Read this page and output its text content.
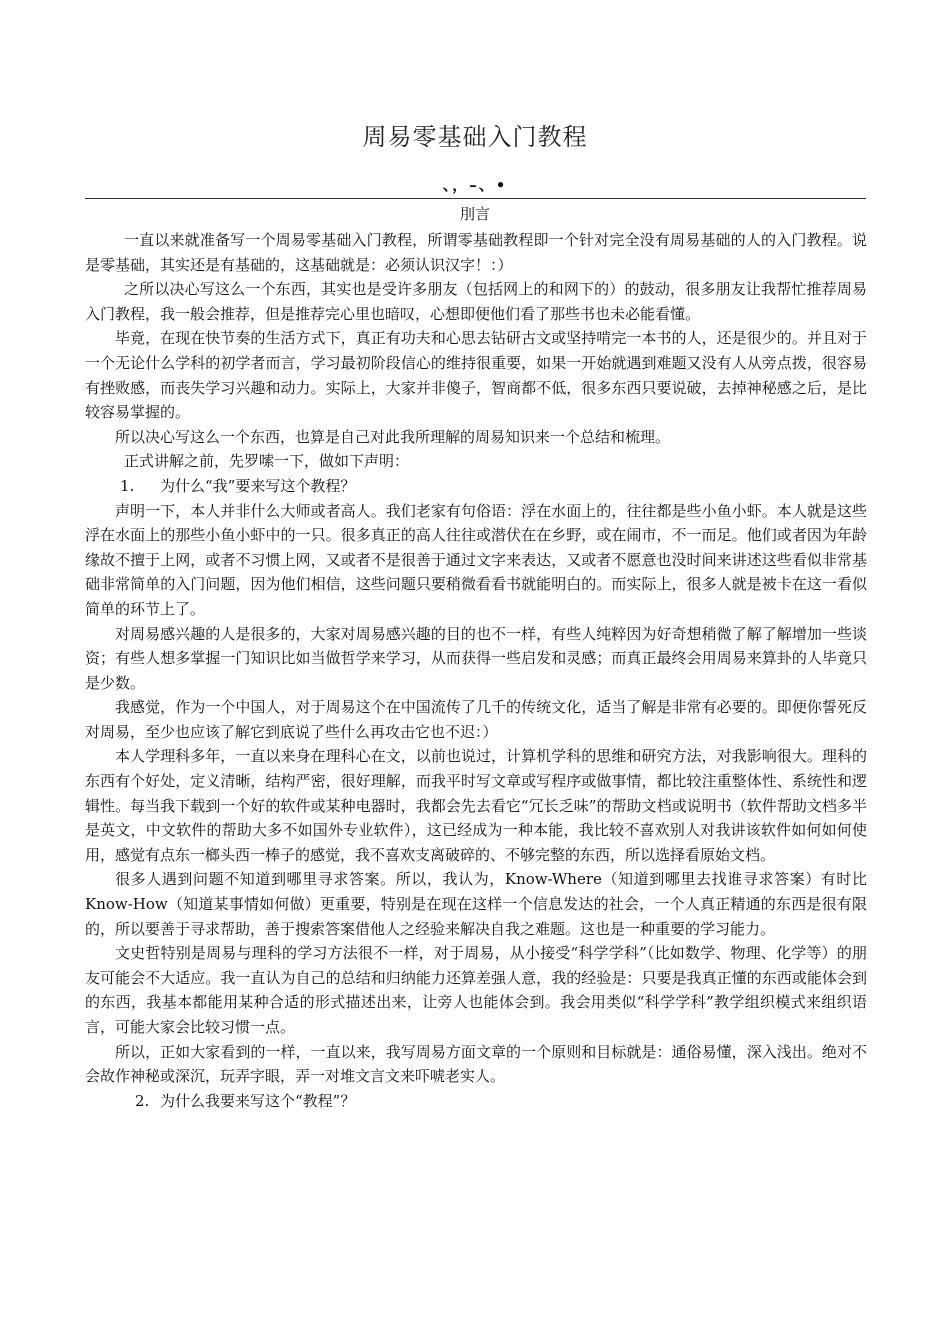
周易零基础入门教程
、，–、•
刖言

一直以来就准备写一个周易零基础入门教程，所谓零基础教程即一个针对完全没有周易基础的人的入门教程。说是零基础，其实还是有基础的，这基础就是：必须认识汉字！：）

之所以决心写这么一个东西，其实也是受许多朋友（包括网上的和网下的）的鼓动，很多朋友让我帮忙推荐周易入门教程，我一般会推荐，但是推荐完心里也暗叹，心想即便他们看了那些书也未必能看懂。

毕竟，在现在快节奏的生活方式下，真正有功夫和心思去钻研古文或坚持啃完一本书的人，还是很少的。并且对于一个无论什么学科的初学者而言，学习最初阶段信心的维持很重要，如果一开始就遇到难题又没有人从旁点拨，很容易有挫败感，而丧失学习兴趣和动力。实际上，大家并非傻子，智商都不低，很多东西只要说破，去掉神秘感之后，是比较容易掌握的。

所以决心写这么一个东西，也算是自己对此我所理解的周易知识来一个总结和梳理。

正式讲解之前，先罗嗦一下，做如下声明：

1.	为什么“我”要来写这个教程？

声明一下，本人并非什么大师或者高人。我们老家有句俗语：浮在水面上的，往往都是些小鱼小虾。本人就是这些浮在水面上的那些小鱼小虾中的一只。很多真正的高人往往或潜伏在在乡野，或在闹市，不一而足。他们或者因为年龄缘故不擅于上网，或者不习惯上网，又或者不是很善于通过文字来表达，又或者不愿意也没时间来讲述这些看似非常基础非常简单的入门问题，因为他们相信，这些问题只要稍微看看书就能明白的。而实际上，很多人就是被卡在这一看似简单的环节上了。

对周易感兴趣的人是很多的，大家对周易感兴趣的目的也不一样，有些人纯粹因为好奇想稍微了解了解增加一些谈资；有些人想多掌握一门知识比如当做哲学来学习，从而获得一些启发和灵感；而真正最终会用周易来算卦的人毕竟只是少数。

我感觉，作为一个中国人，对于周易这个在中国流传了几千的传统文化，适当了解是非常有必要的。即便你誓死反对周易，至少也应该了解它到底说了些什么再攻击它也不迟：）

本人学理科多年，一直以来身在理科心在文，以前也说过，计算机学科的思维和研究方法，对我影响很大。理科的东西有个好处，定义清晰，结构严密，很好理解，而我平时写文章或写程序或做事情，都比较注重整体性、系统性和逻辑性。每当我下载到一个好的软件或某种电器时，我都会先去看它“冗长乏味”的帮助文档或说明书（软件帮助文档多半是英文，中文软件的帮助大多不如国外专业软件），这已经成为一种本能，我比较不喜欢别人对我讲该软件如何如何使用，感觉有点东一榔头西一棒子的感觉，我不喜欢支离破碎的、不够完整的东西，所以选择看原始文档。

很多人遇到问题不知道到哪里寻求答案。所以，我认为，Know-Where（知道到哪里去找谁寻求答案）有时比Know-How（知道某事情如何做）更重要，特别是在现在这样一个信息发达的社会，一个人真正精通的东西是很有限的，所以要善于寻求帮助，善于搜索答案借他人之经验来解决自我之难题。这也是一种重要的学习能力。

文史哲特别是周易与理科的学习方法很不一样，对于周易，从小接受“科学学科”（比如数学、物理、化学等）的朋友可能会不大适应。我一直认为自己的总结和归纳能力还算差强人意，我的经验是：只要是我真正懂的东西或能体会到的东西，我基本都能用某种合适的形式描述出来，让旁人也能体会到。我会用类似“科学学科”教学组织模式来组织语言，可能大家会比较习惯一点。

所以，正如大家看到的一样，一直以来，我写周易方面文章的一个原则和目标就是：通俗易懂，深入浅出。绝对不会故作神秘或深沉，玩弄字眼，弄一对堆文言文来吓唬老实人。

2. 为什么我要来写这个“教程”？
